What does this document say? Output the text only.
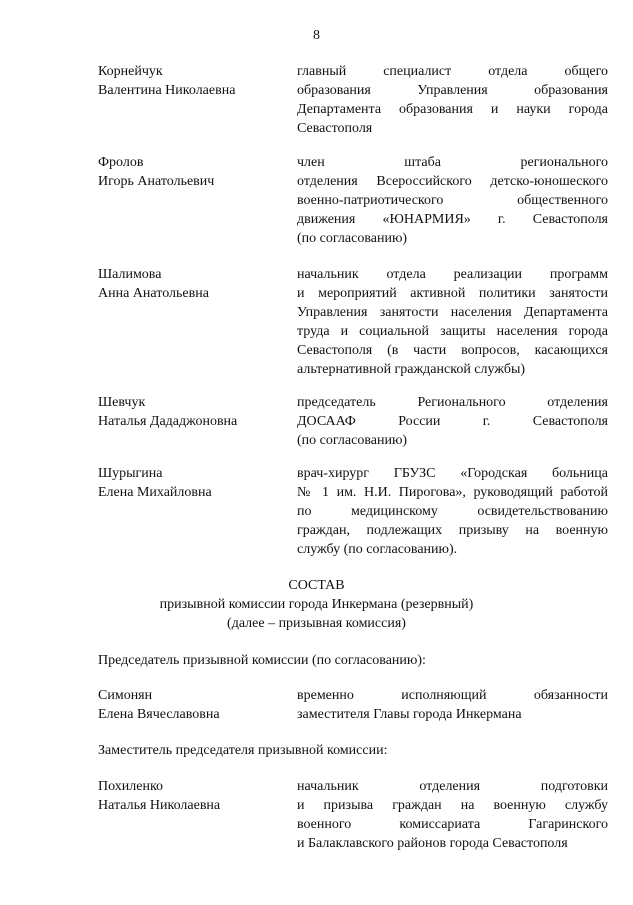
8
Корнейчук
Валентина Николаевна
главный специалист отдела общего
образования Управления образования
Департамента образования и науки города
Севастополя
Фролов
Игорь Анатольевич
член штаба регионального
отделения Всероссийского детско-юношеского
военно-патриотического общественного
движения «ЮНАРМИЯ» г. Севастополя
(по согласованию)
Шалимова
Анна Анатольевна
начальник отдела реализации программ
и мероприятий активной политики занятости
Управления занятости населения Департамента
труда и социальной защиты населения города
Севастополя (в части вопросов, касающихся
альтернативной гражданской службы)
Шевчук
Наталья Дададжоновна
председатель Регионального отделения
ДОСААФ России г. Севастополя
(по согласованию)
Шурыгина
Елена Михайловна
врач-хирург ГБУЗС «Городская больница
№ 1 им. Н.И. Пирогова», руководящий работой
по медицинскому освидетельствованию
граждан, подлежащих призыву на военную
службу (по согласованию).
СОСТАВ
призывной комиссии города Инкермана (резервный)
(далее – призывная комиссия)
Председатель призывной комиссии (по согласованию):
Симонян
Елена Вячеславовна
временно исполняющий обязанности
заместителя Главы города Инкермана
Заместитель председателя призывной комиссии:
Похиленко
Наталья Николаевна
начальник отделения подготовки
и призыва граждан на военную службу
военного комиссариата Гагаринского
и Балаклавского районов города Севастополя
